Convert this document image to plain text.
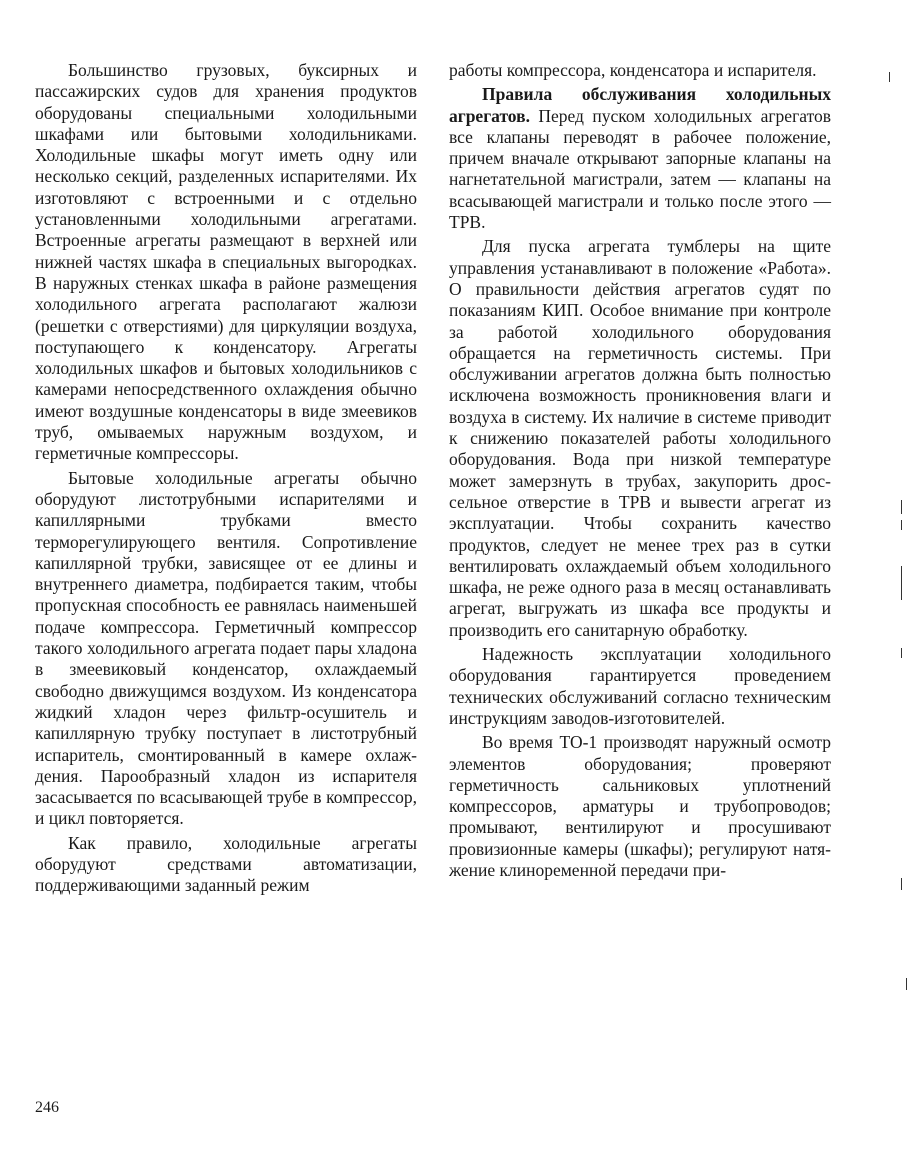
Большинство грузовых, буксирных и пассажирских судов для хранения продуктов оборудованы специальными холодильными шкафами или бытовыми холодильниками. Холодильные шкафы могут иметь одну или несколько секций, разделенных испарителями. Их изготовляют с встроенными и с отдельно установленными холодильными агрегатами. Встроенные агрегаты размещают в верхней или нижней частях шкафа в специальных выгородках. В наружных стенках шкафа в районе размещения холодильного агрегата располагают жалюзи (решетки с отверстиями) для циркуляции воздуха, поступающего к конденсатору. Агрегаты холодильных шкафов и бытовых холодильников с камерами непосредственного охлаждения обычно имеют воздушные конденсаторы в виде змеевиков труб, омываемых наружным воздухом, и герметичные компрессоры.

Бытовые холодильные агрегаты обычно оборудуют листотрубными испарителями и капиллярными трубками вместо терморегулирующего вентиля. Сопротивление капиллярной трубки, зависящее от ее длины и внутреннего диаметра, подбирается таким, чтобы пропускная способность ее равнялась наименьшей подаче компрессора. Герметичный компрессор такого холодильного агрегата подает пары хладона в змеевиковый конденсатор, охлаждаемый свободно движущимся воздухом. Из конденсатора жидкий хладон через фильтр-осушитель и капиллярную трубку поступает в листотрубный испаритель, смонтированный в камере охлаждения. Парообразный хладон из испарителя засасывается по всасывающей трубе в компрессор, и цикл повторяется.

Как правило, холодильные агрегаты оборудуют средствами автоматизации, поддерживающими заданный режим

работы компрессора, конденсатора и испарителя.

Правила обслуживания холодильных агрегатов. Перед пуском холодильных агрегатов все клапаны переводят в рабочее положение, причем вначале открывают запорные клапаны на нагнетательной магистрали, затем — клапаны на всасывающей магистрали и только после этого — ТРВ.

Для пуска агрегата тумблеры на щите управления устанавливают в положение «Работа». О правильности действия агрегатов судят по показаниям КИП. Особое внимание при контроле за работой холодильного оборудования обращается на герметичность системы. При обслуживании агрегатов должна быть полностью исключена возможность проникновения влаги и воздуха в систему. Их наличие в системе приводит к снижению показателей работы холодильного оборудования. Вода при низкой температуре может замерзнуть в трубах, закупорить дроссельное отверстие в ТРВ и вывести агрегат из эксплуатации. Чтобы сохранить качество продуктов, следует не менее трех раз в сутки вентилировать охлаждаемый объем холодильного шкафа, не реже одного раза в месяц останавливать агрегат, выгружать из шкафа все продукты и производить его санитарную обработку.

Надежность эксплуатации холодильного оборудования гарантируется проведением технических обслуживаний согласно техническим инструкциям заводов-изготовителей.

Во время ТО-1 производят наружный осмотр элементов оборудования; проверяют герметичность сальниковых уплотнений компрессоров, арматуры и трубопроводов; промывают, вентилируют и просушивают провизионные камеры (шкафы); регулируют натяжение клиноременной передачи при-

246
